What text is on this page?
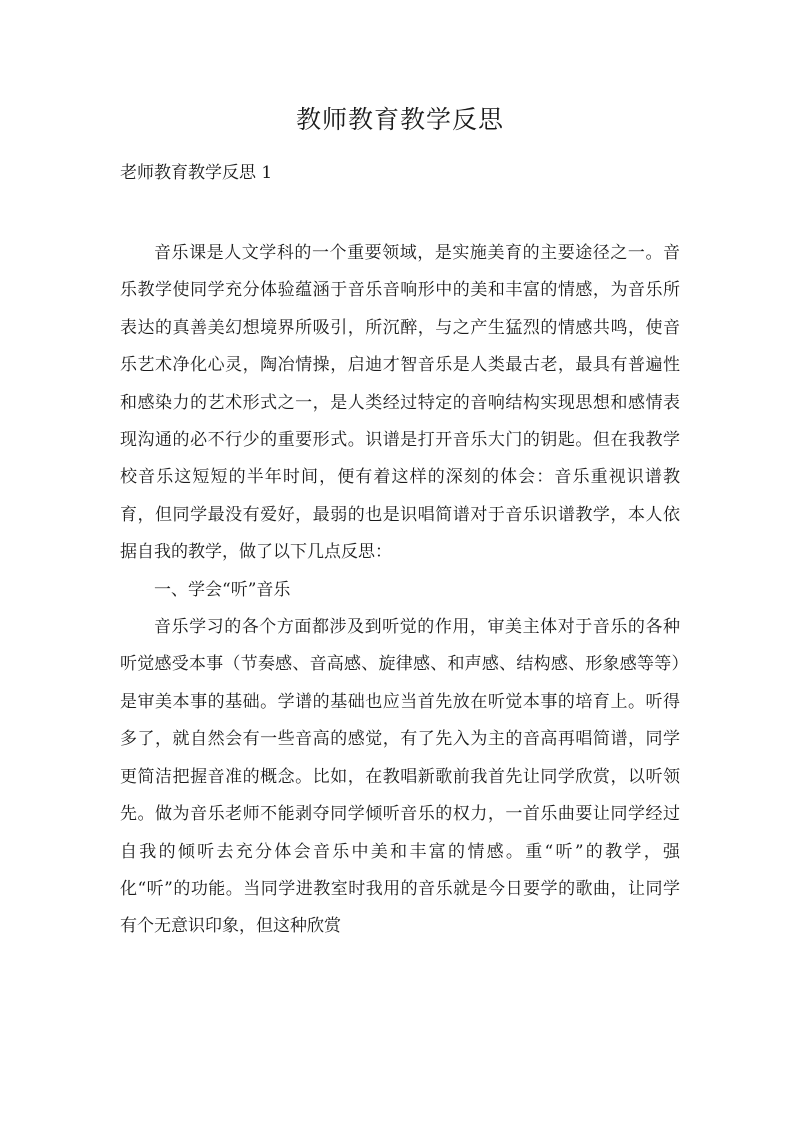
教师教育教学反思

老师教育教学反思 1

音乐课是人文学科的一个重要领域，是实施美育的主要途径之一。音乐教学使同学充分体验蕴涵于音乐音响形中的美和丰富的情感，为音乐所表达的真善美幻想境界所吸引，所沉醉，与之产生猛烈的情感共鸣，使音乐艺术净化心灵，陶冶情操，启迪才智音乐是人类最古老，最具有普遍性和感染力的艺术形式之一，是人类经过特定的音响结构实现思想和感情表现沟通的必不行少的重要形式。识谱是打开音乐大门的钥匙。但在我教学校音乐这短短的半年时间，便有着这样的深刻的体会：音乐重视识谱教育，但同学最没有爱好，最弱的也是识唱简谱对于音乐识谱教学，本人依据自我的教学，做了以下几点反思：

一、学会“听”音乐

音乐学习的各个方面都涉及到听觉的作用，审美主体对于音乐的各种听觉感受本事（节奏感、音高感、旋律感、和声感、结构感、形象感等等）是审美本事的基础。学谱的基础也应当首先放在听觉本事的培育上。听得多了，就自然会有一些音高的感觉，有了先入为主的音高再唱简谱，同学更简洁把握音准的概念。比如，在教唱新歌前我首先让同学欣赏，以听领先。做为音乐老师不能剥夺同学倾听音乐的权力，一首乐曲要让同学经过自我的倾听去充分体会音乐中美和丰富的情感。重“听”的教学，强化“听”的功能。当同学进教室时我用的音乐就是今日要学的歌曲，让同学有个无意识印象，但这种欣赏
